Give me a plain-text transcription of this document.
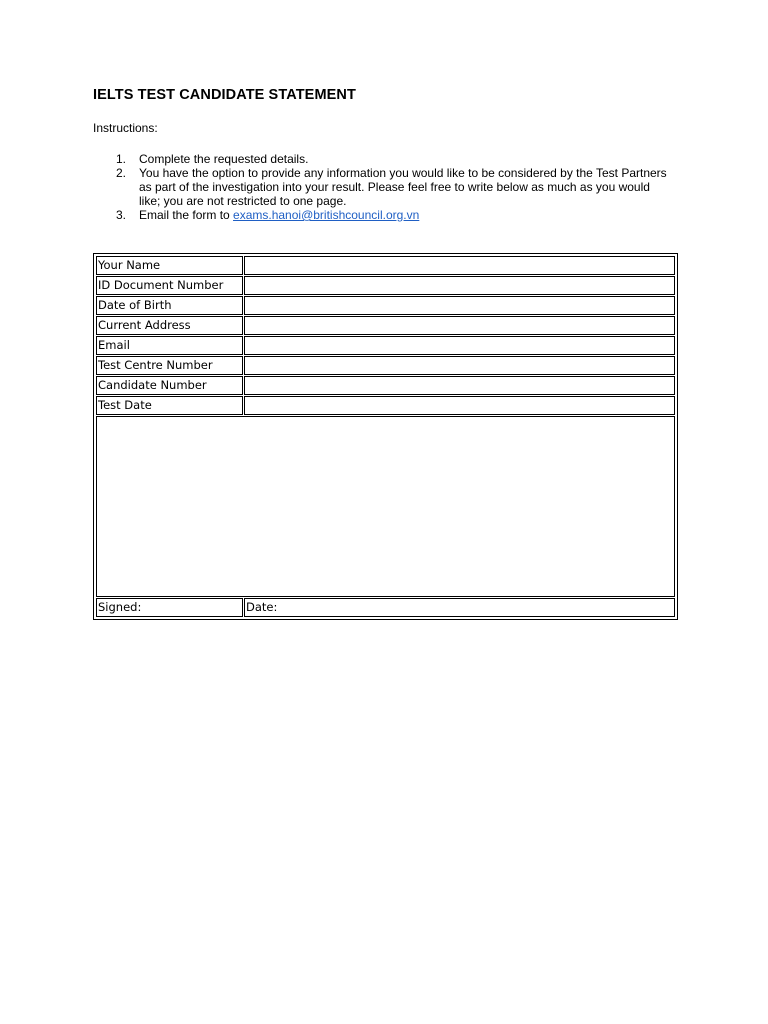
IELTS TEST CANDIDATE STATEMENT
Instructions:
1. Complete the requested details.
2. You have the option to provide any information you would like to be considered by the Test Partners as part of the investigation into your result. Please feel free to write below as much as you would like; you are not restricted to one page.
3. Email the form to exams.hanoi@britishcouncil.org.vn
Your Name	
ID Document Number	
Date of Birth	
Current Address	
Email	
Test Centre Number	
Candidate Number	
Test Date	

Signed:	Date:
